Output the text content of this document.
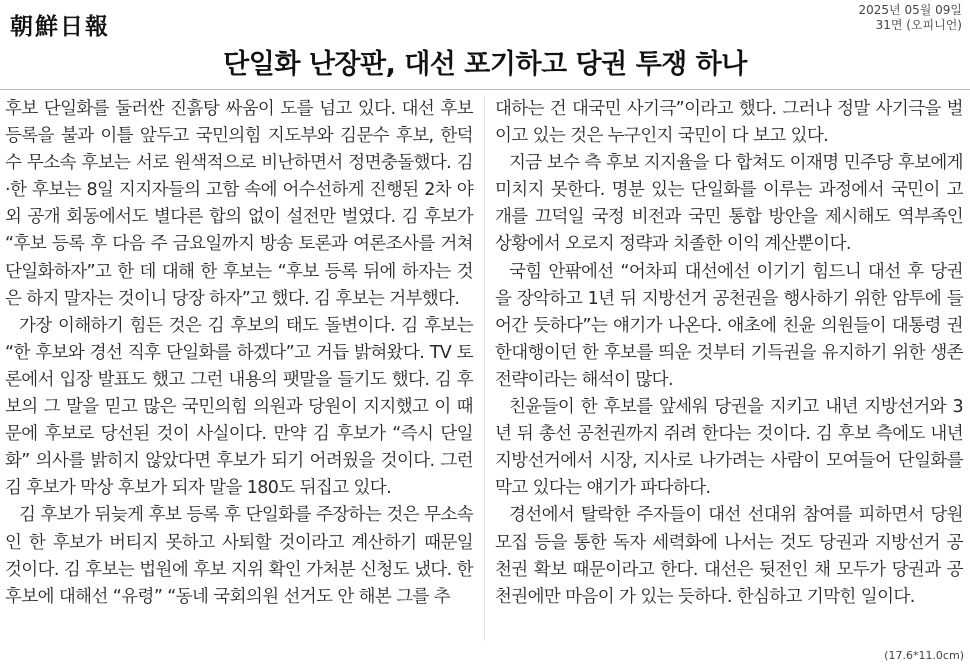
朝鮮日報
2025년 05월 09일
31면 (오피니언)
단일화 난장판, 대선 포기하고 당권 투쟁 하나

후보 단일화를 둘러싼 진흙탕 싸움이 도를 넘고 있다. 대선 후보 등록을 불과 이틀 앞두고 국민의힘 지도부와 김문수 후보, 한덕수 무소속 후보는 서로 원색적으로 비난하면서 정면충돌했다. 김·한 후보는 8일 지지자들의 고함 속에 어수선하게 진행된 2차 야외 공개 회동에서도 별다른 합의 없이 설전만 벌였다. 김 후보가 “후보 등록 후 다음 주 금요일까지 방송 토론과 여론조사를 거쳐 단일화하자”고 한 데 대해 한 후보는 “후보 등록 뒤에 하자는 것은 하지 말자는 것이니 당장 하자”고 했다. 김 후보는 거부했다.

가장 이해하기 힘든 것은 김 후보의 태도 돌변이다. 김 후보는 “한 후보와 경선 직후 단일화를 하겠다”고 거듭 밝혀왔다. TV 토론에서 입장 발표도 했고 그런 내용의 팻말을 들기도 했다. 김 후보의 그 말을 믿고 많은 국민의힘 의원과 당원이 지지했고 이 때문에 후보로 당선된 것이 사실이다. 만약 김 후보가 “즉시 단일화” 의사를 밝히지 않았다면 후보가 되기 어려웠을 것이다. 그런 김 후보가 막상 후보가 되자 말을 180도 뒤집고 있다.

김 후보가 뒤늦게 후보 등록 후 단일화를 주장하는 것은 무소속인 한 후보가 버티지 못하고 사퇴할 것이라고 계산하기 때문일 것이다. 김 후보는 법원에 후보 지위 확인 가처분 신청도 냈다. 한 후보에 대해선 “유령” “동네 국회의원 선거도 안 해본 그를 추

대하는 건 대국민 사기극”이라고 했다. 그러나 정말 사기극을 벌이고 있는 것은 누구인지 국민이 다 보고 있다.

지금 보수 측 후보 지지율을 다 합쳐도 이재명 민주당 후보에게 미치지 못한다. 명분 있는 단일화를 이루는 과정에서 국민이 고개를 끄덕일 국정 비전과 국민 통합 방안을 제시해도 역부족인 상황에서 오로지 정략과 치졸한 이익 계산뿐이다.

국힘 안팎에선 “어차피 대선에선 이기기 힘드니 대선 후 당권을 장악하고 1년 뒤 지방선거 공천권을 행사하기 위한 암투에 들어간 듯하다”는 얘기가 나온다. 애초에 친윤 의원들이 대통령 권한대행이던 한 후보를 띄운 것부터 기득권을 유지하기 위한 생존 전략이라는 해석이 많다.

친윤들이 한 후보를 앞세워 당권을 지키고 내년 지방선거와 3년 뒤 총선 공천권까지 쥐려 한다는 것이다. 김 후보 측에도 내년 지방선거에서 시장, 지사로 나가려는 사람이 모여들어 단일화를 막고 있다는 얘기가 파다하다.

경선에서 탈락한 주자들이 대선 선대위 참여를 피하면서 당원 모집 등을 통한 독자 세력화에 나서는 것도 당권과 지방선거 공천권 확보 때문이라고 한다. 대선은 뒷전인 채 모두가 당권과 공천권에만 마음이 가 있는 듯하다. 한심하고 기막힌 일이다.

(17.6*11.0cm)
